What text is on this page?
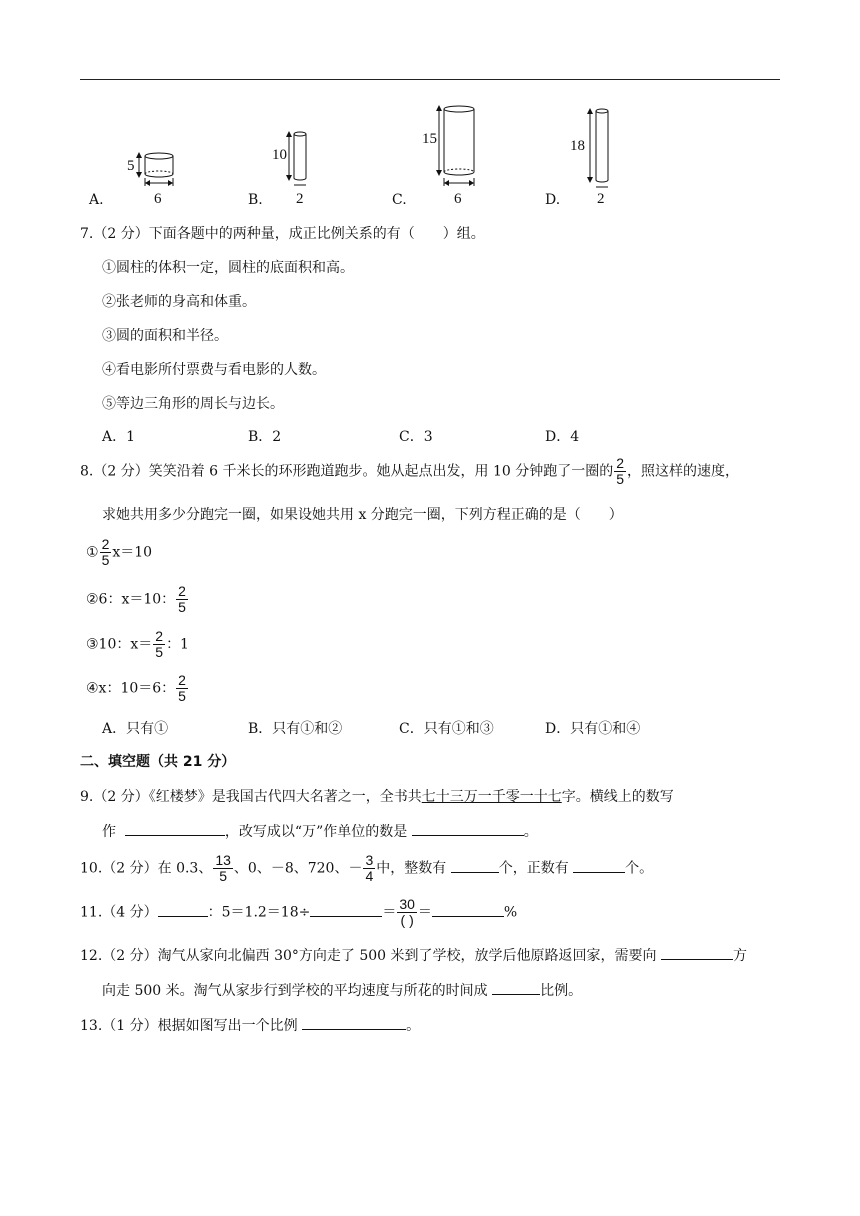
A.
5
6	B.
10
2	C.
15
6	D.
18
2
7.（2 分）下面各题中的两种量，成正比例关系的有（　　）组。
①圆柱的体积一定，圆柱的底面积和高。
②张老师的身高和体重。
③圆的面积和半径。
④看电影所付票费与看电影的人数。
⑤等边三角形的周长与边长。
A．1	B．2	C．3	D．4
8.（2 分）笑笑沿着 6 千米长的环形跑道跑步。她从起点出发，用 10 分钟跑了一圈的 $\frac{2}{5}$ ，照这样的速度，
求她共用多少分跑完一圈，如果设她共用 x 分跑完一圈，下列方程正确的是（　　）
① $\frac{2}{5} x=10$
②6：x＝10： $\frac{2}{5}$
③10：$x= \frac{2}{5}$ ：1
④x：10＝6： $\frac{2}{5}$
A．只有①	B．只有①和②	C．只有①和③	D．只有①和④
二、填空题（共 21 分）
9.（2 分）《红楼梦》是我国古代四大名著之一，全书共七十三万一千零一十七字。横线上的数写
作	，改写成以“万”作单位的数是	。
10.（2 分）在 0.3、 $\frac{13}{5}$ 、0、－8、720、－ $\frac{3}{4}$ 中，整数有	个，正数有	个。
11.（4 分）	：5＝1.2＝18÷	＝ $\frac{30}{( )}$ ＝	%
12.（2 分）淘气从家向北偏西 30°方向走了 500 米到了学校，放学后他原路返回家，需要向	方
向走 500 米。淘气从家步行到学校的平均速度与所花的时间成	比例。
13.（1 分）根据如图写出一个比例	。
